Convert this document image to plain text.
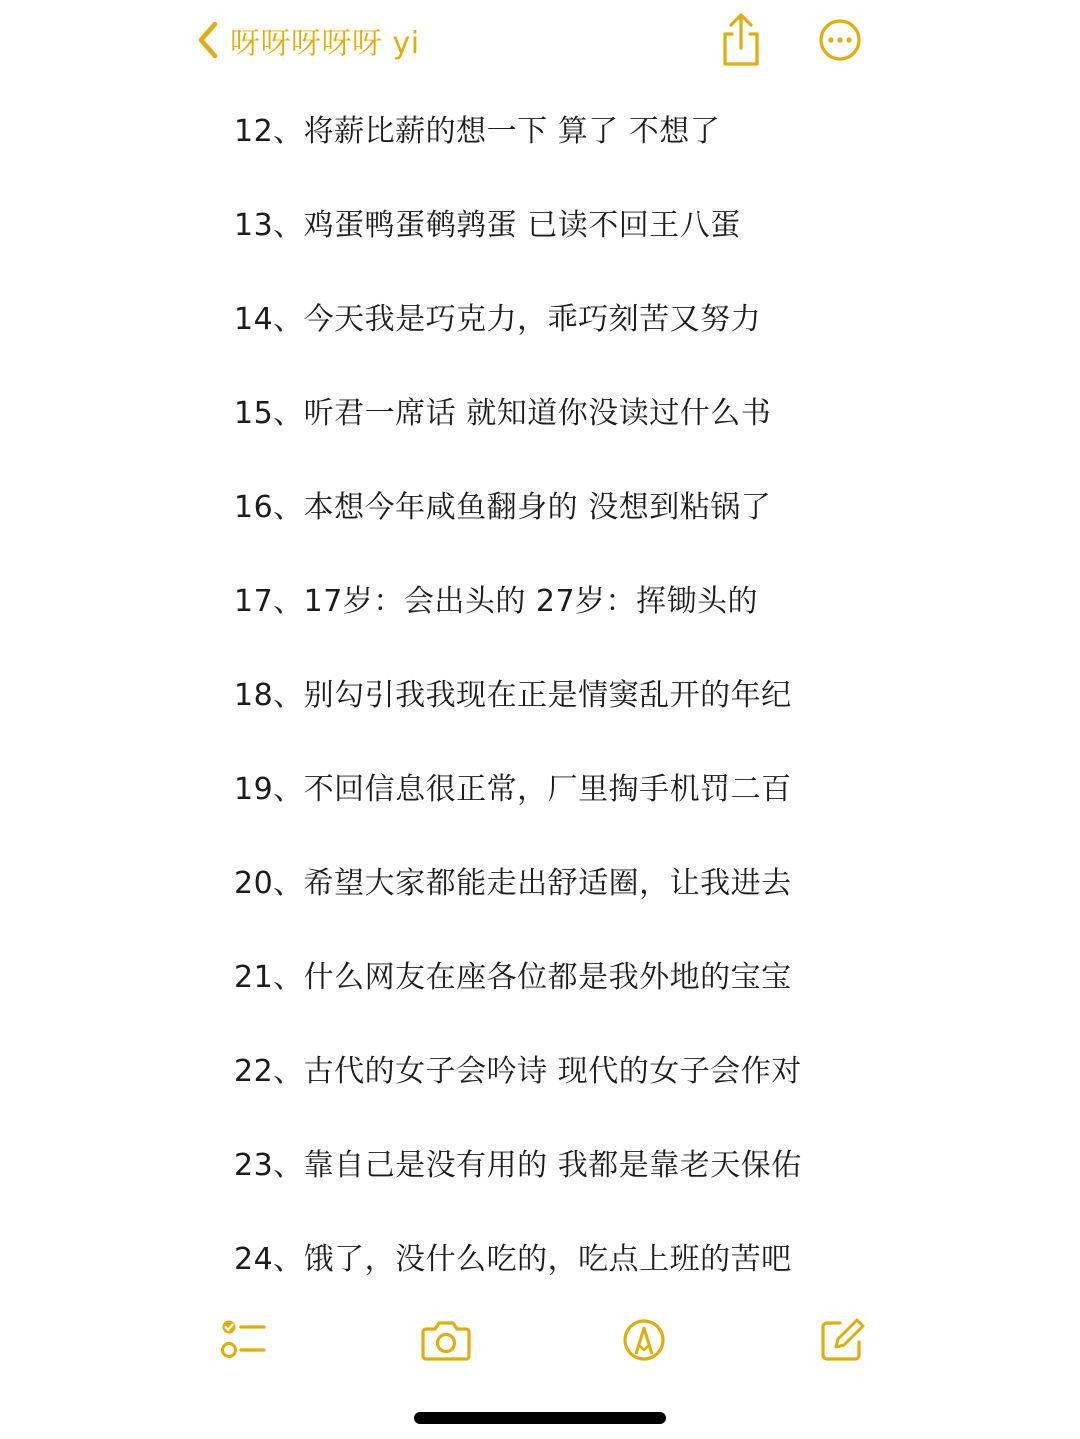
呀呀呀呀呀 yi
12、将薪比薪的想一下 算了 不想了
13、鸡蛋鸭蛋鹌鹑蛋 已读不回王八蛋
14、今天我是巧克力，乖巧刻苦又努力
15、听君一席话 就知道你没读过什么书
16、本想今年咸鱼翻身的 没想到粘锅了
17、17岁：会出头的 27岁：挥锄头的
18、别勾引我我现在正是情窦乱开的年纪
19、不回信息很正常，厂里掏手机罚二百
20、希望大家都能走出舒适圈，让我进去
21、什么网友在座各位都是我外地的宝宝
22、古代的女子会吟诗 现代的女子会作对
23、靠自己是没有用的 我都是靠老天保佑
24、饿了，没什么吃的，吃点上班的苦吧
